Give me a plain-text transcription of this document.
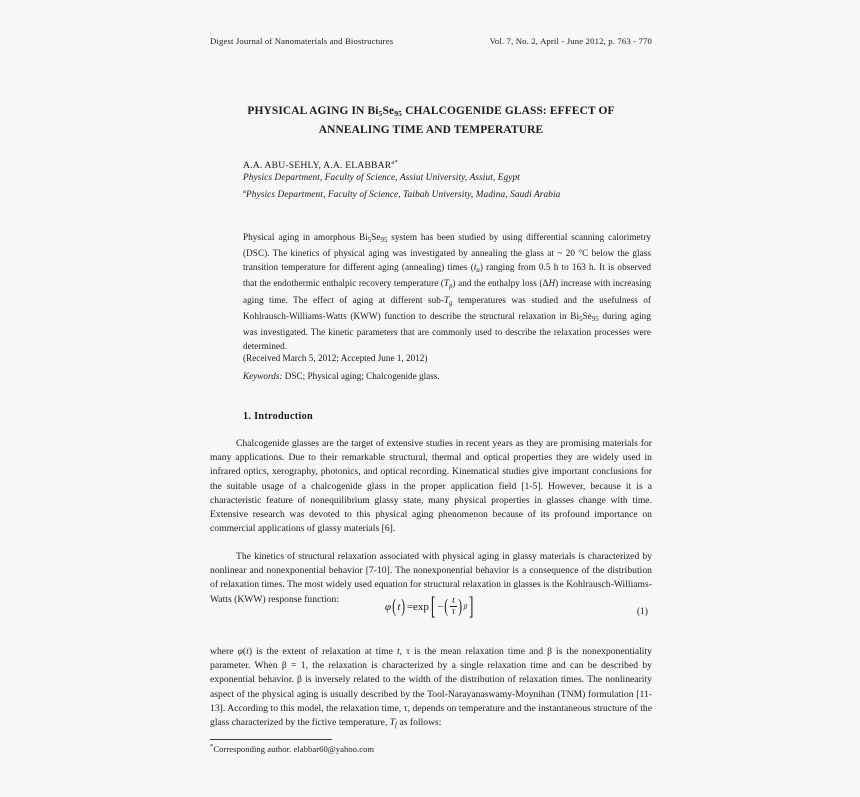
Digest Journal of Nanomaterials and Biostructures	Vol. 7, No. 2, April - June 2012, p. 763 - 770
PHYSICAL AGING IN $Bi_5Se_{95}$ CHALCOGENIDE GLASS: EFFECT OF
ANNEALING TIME AND TEMPERATURE
A.A. ABU-SEHLY, A.A. $ELABBAR^{a*}$
Physics Department, Faculty of Science, Assiut University, Assiut, Egypt
$^a$Physics Department, Faculty of Science, Taibah University, Madina, Saudi Arabia
Physical aging in amorphous $Bi_5Se_{95}$ system has been studied by using differential scanning calorimetry (DSC). The kinetics of physical aging was investigated by annealing the glass at ~ 20 °C below the glass transition temperature for different aging (annealing) times $(t_a)$ ranging from 0.5 h to 163 h. It is observed that the endothermic enthalpic recovery temperature $(T_p)$ and the enthalpy loss (ΔH) increase with increasing aging time. The effect of aging at different sub-$T_g$ temperatures was studied and the usefulness of Kohlrausch-Williams-Watts (KWW) function to describe the structural relaxation in $Bi_5Se_{95}$ during aging was investigated. The kinetic parameters that are commonly used to describe the relaxation processes were determined.
(Received March 5, 2012; Accepted June 1, 2012)
Keywords: DSC; Physical aging; Chalcogenide glass.
1. Introduction

Chalcogenide glasses are the target of extensive studies in recent years as they are promising materials for many applications. Due to their remarkable structural, thermal and optical properties they are widely used in infrared optics, xerography, photonics, and optical recording. Kinematical studies give important conclusions for the suitable usage of a chalcogenide glass in the proper application field [1-5]. However, because it is a characteristic feature of nonequilibrium glassy state, many physical properties in glasses change with time. Extensive research was devoted to this physical aging phenomenon because of its profound importance on commercial applications of glassy materials [6].

The kinetics of structural relaxation associated with physical aging in glassy materials is characterized by nonlinear and nonexponential behavior [7-10]. The nonexponential behavior is a consequence of the distribution of relaxation times. The most widely used equation for structural relaxation in glasses is the Kohlrausch-Williams-Watts (KWW) response function:

φ ( t ) = exp [ − ( $\frac{t}{\tau}$ ) β ]	(1)

where φ(t) is the extent of relaxation at time t, τ is the mean relaxation time and β is the nonexponentiality parameter. When β = 1, the relaxation is characterized by a single relaxation time and can be described by exponential behavior. β is inversely related to the width of the distribution of relaxation times. The nonlinearity aspect of the physical aging is usually described by the Tool-Narayanaswamy-Moynihan (TNM) formulation [11-13]. According to this model, the relaxation time, τ, depends on temperature and the instantaneous structure of the glass characterized by the fictive temperature, $T_f$ as follows:

*Corresponding author. elabbar60@yahoo.com
